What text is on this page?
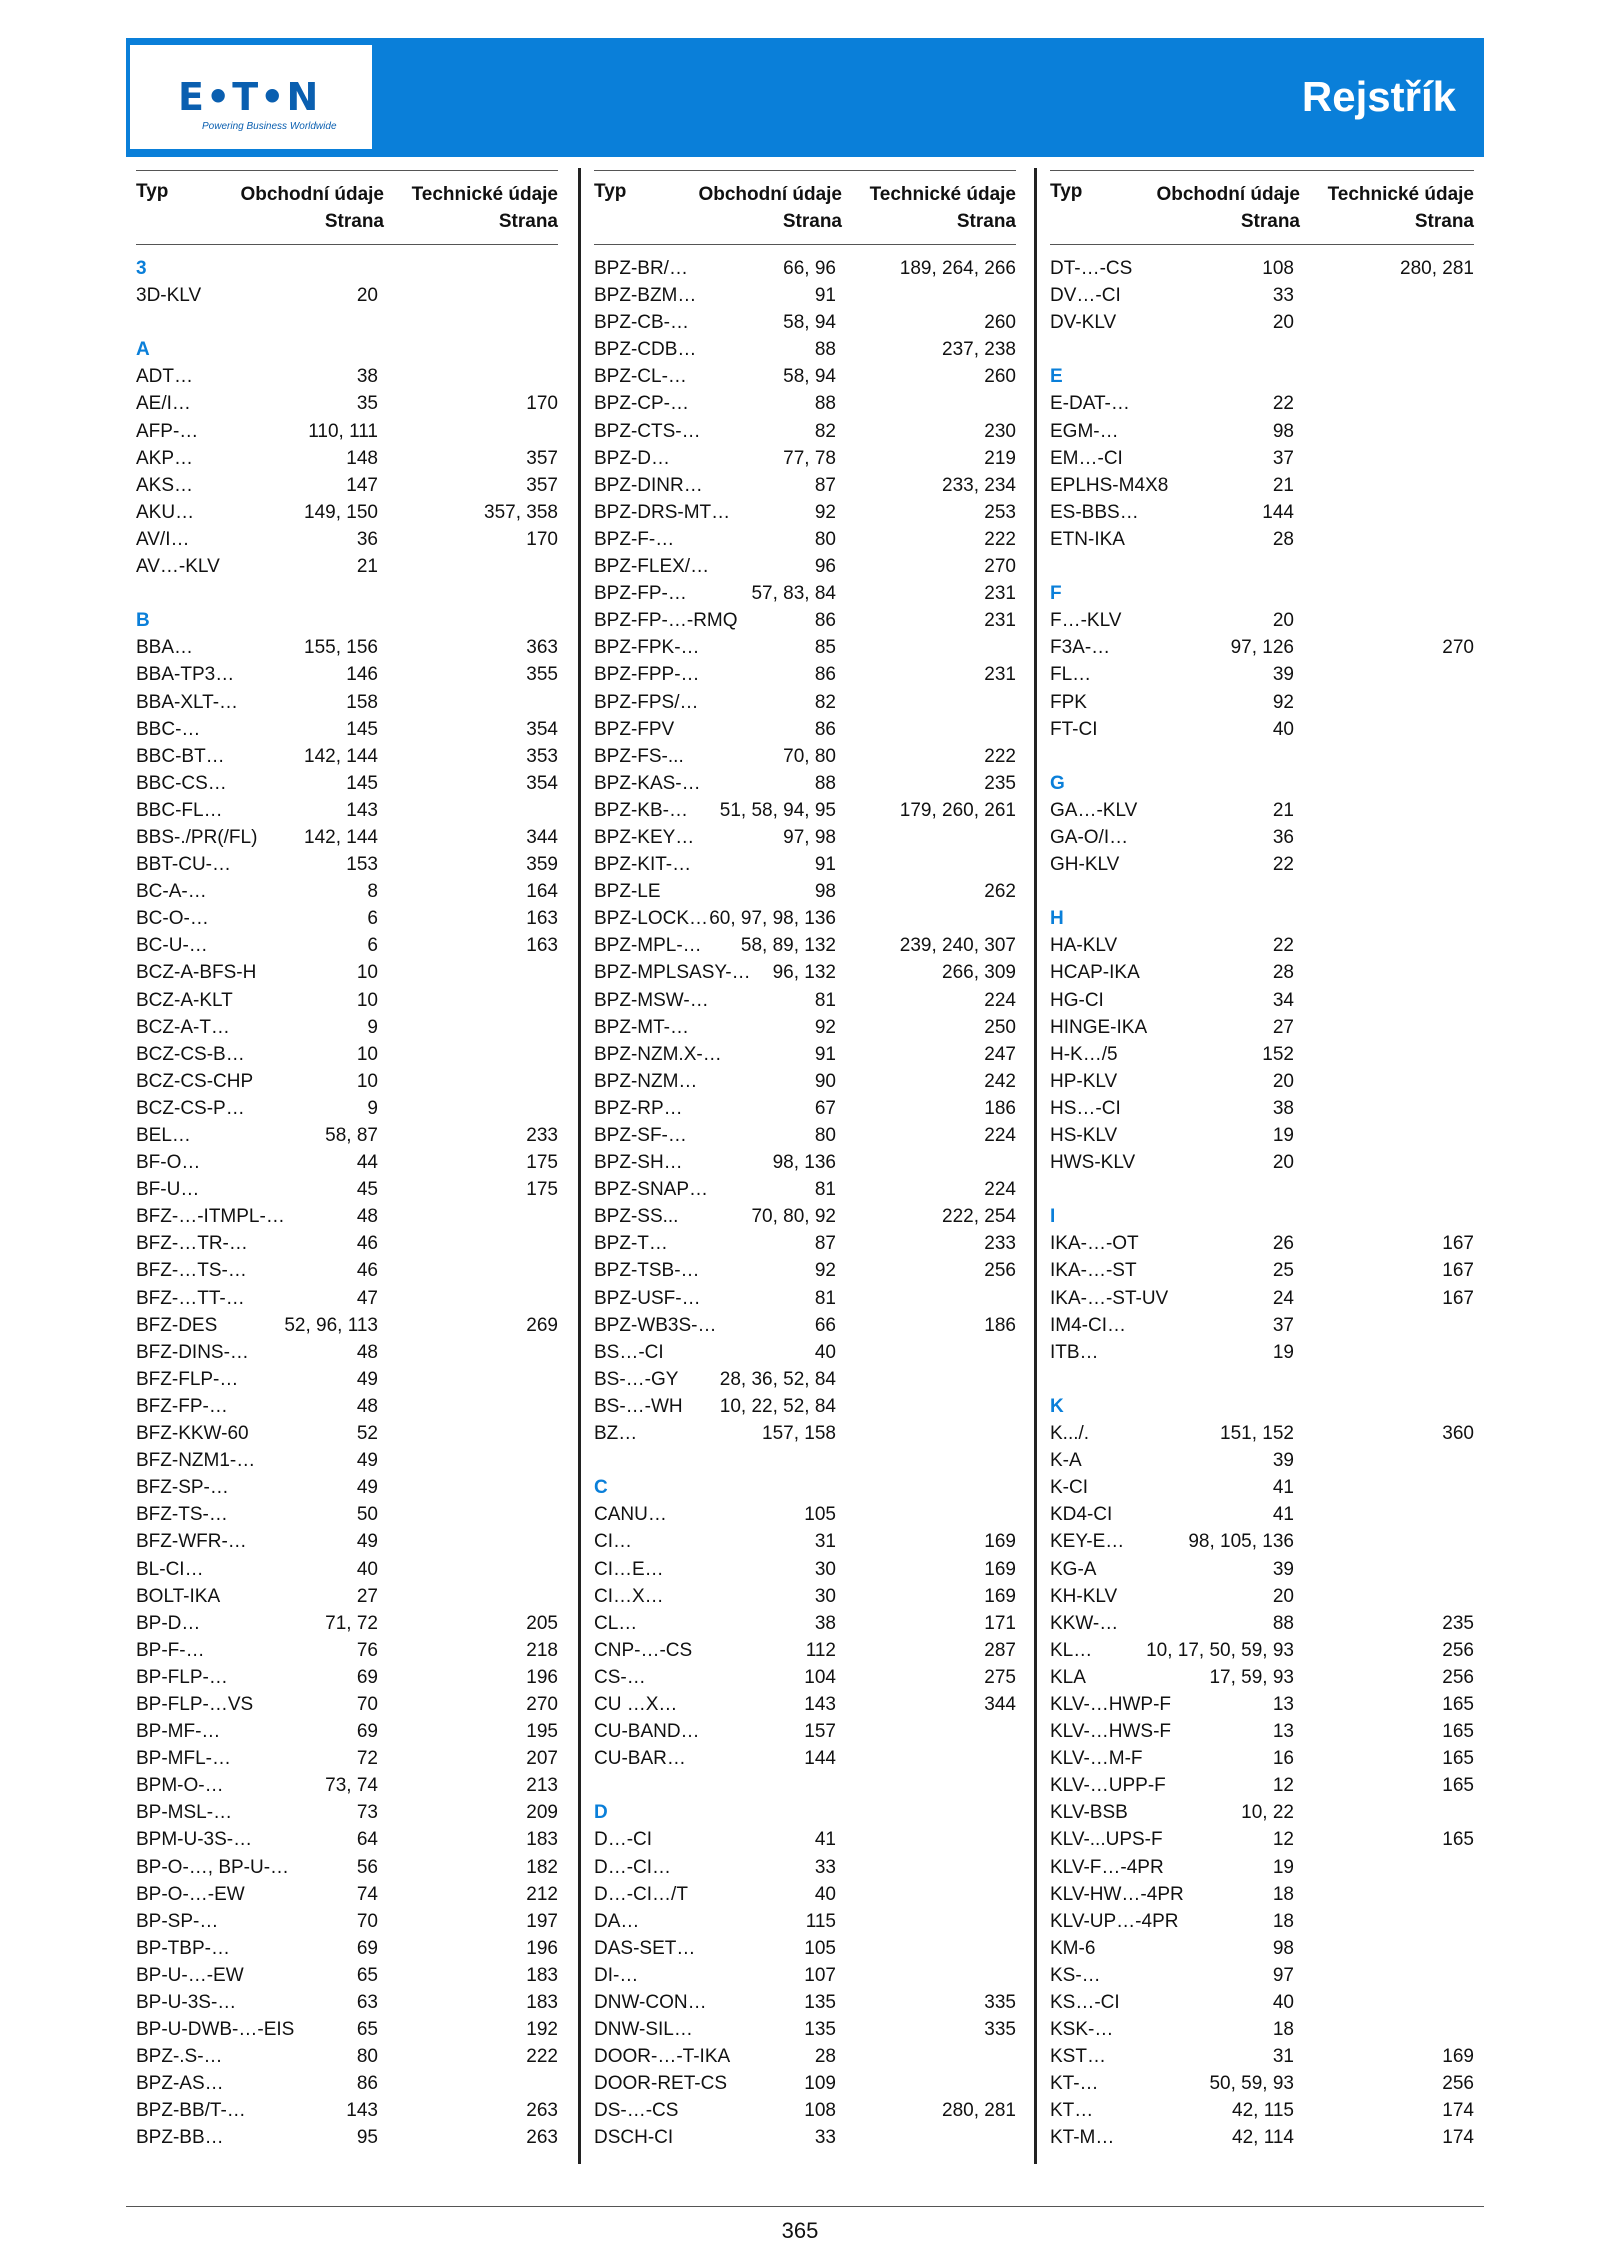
E•T•N
Powering Business Worldwide
Rejstřík
Typ	Obchodní údaje
Strana
Technické údaje
Strana
3
3D-KLV	20
A
ADT…	38
AE/I…	35	170
AFP-…	110, 111
AKP…	148	357
AKS…	147	357
AKU…	149, 150	357, 358
AV/I…	36	170
AV…-KLV	21
B
BBA…	155, 156	363
BBA-TP3…	146	355
BBA-XLT-…	158
BBC-…	145	354
BBC-BT…	142, 144	353
BBC-CS…	145	354
BBC-FL…	143
BBS-./PR(/FL) 142, 144	344
BBT-CU-…	153	359
BC-A-…	8	164
BC-O-…	6	163
BC-U-…	6	163
BCZ-A-BFS-H	10
BCZ-A-KLT	10
BCZ-A-T…	9
BCZ-CS-B…	10
BCZ-CS-CHP	10
BCZ-CS-P…	9
BEL…	58, 87	233
BF-O…	44	175
BF-U…	45	175
BFZ-…-ITMPL-…	48
BFZ-…TR-…	46
BFZ-…TS-…	46
BFZ-…TT-…	47
BFZ-DES	52, 96, 113	269
BFZ-DINS-…	48
BFZ-FLP-…	49
BFZ-FP-…	48
BFZ-KKW-60	52
BFZ-NZM1-…	49
BFZ-SP-…	49
BFZ-TS-…	50
BFZ-WFR-…	49
BL-CI…	40
BOLT-IKA	27
BP-D…	71, 72	205
BP-F-…	76	218
BP-FLP-…	69	196
BP-FLP-…VS	70	270
BP-MF-…	69	195
BP-MFL-…	72	207
BPM-O-…	73, 74	213
BP-MSL-…	73	209
BPM-U-3S-…	64	183
BP-O-…, BP-U-…	56	182
BP-O-…-EW	74	212
BP-SP-…	70	197
BP-TBP-…	69	196
BP-U-…-EW	65	183
BP-U-3S-…	63	183
BP-U-DWB-…-EIS	65	192
BPZ-.S-…	80	222
BPZ-AS…	86
BPZ-BB/T-…	143	263
BPZ-BB…	95	263
Typ	Obchodní údaje
Strana
Technické údaje
Strana
BPZ-BR/…	66, 96	189, 264, 266
BPZ-BZM…	91
BPZ-CB-…	58, 94	260
BPZ-CDB…	88	237, 238
BPZ-CL-…	58, 94	260
BPZ-CP-…	88
BPZ-CTS-…	82	230
BPZ-D…	77, 78	219
BPZ-DINR…	87	233, 234
BPZ-DRS-MT…	92	253
BPZ-F-…	80	222
BPZ-FLEX/…	96	270
BPZ-FP-…	57, 83, 84	231
BPZ-FP-…-RMQ	86	231
BPZ-FPK-…	85
BPZ-FPP-…	86	231
BPZ-FPS/…	82
BPZ-FPV	86
BPZ-FS-...	70, 80	222
BPZ-KAS-…	88	235
BPZ-KB-… 51, 58, 94, 95	179, 260, 261
BPZ-KEY…	97, 98
BPZ-KIT-…	91
BPZ-LE	98	262
BPZ-LOCK… 60, 97, 98, 136
BPZ-MPL-… 58, 89, 132	239, 240, 307
BPZ-MPLSASY-… 96, 132	266, 309
BPZ-MSW-…	81	224
BPZ-MT-…	92	250
BPZ-NZM.X-…	91	247
BPZ-NZM…	90	242
BPZ-RP…	67	186
BPZ-SF-…	80	224
BPZ-SH…	98, 136
BPZ-SNAP…	81	224
BPZ-SS...	70, 80, 92	222, 254
BPZ-T…	87	233
BPZ-TSB-…	92	256
BPZ-USF-…	81
BPZ-WB3S-…	66	186
BS…-CI	40
BS-…-GY 28, 36, 52, 84
BS-…-WH 10, 22, 52, 84
BZ…	157, 158
C
CANU…	105
CI…	31	169
CI…E…	30	169
CI…X…	30	169
CL…	38	171
CNP-…-CS	112	287
CS-…	104	275
CU …X…	143	344
CU-BAND…	157
CU-BAR…	144
D
D…-CI	41
D…-CI…	33
D…-CI…/T	40
DA…	115
DAS-SET…	105
DI-…	107
DNW-CON…	135	335
DNW-SIL…	135	335
DOOR-…-T-IKA	28
DOOR-RET-CS	109
DS-…-CS	108	280, 281
DSCH-CI	33
Typ	Obchodní údaje
Strana
Technické údaje
Strana
DT-…-CS	108	280, 281
DV…-CI	33
DV-KLV	20
E
E-DAT-…	22
EGM-…	98
EM…-CI	37
EPLHS-M4X8	21
ES-BBS…	144
ETN-IKA	28
F
F…-KLV	20
F3A-…	97, 126	270
FL…	39
FPK	92
FT-CI	40
G
GA…-KLV	21
GA-O/I…	36
GH-KLV	22
H
HA-KLV	22
HCAP-IKA	28
HG-CI	34
HINGE-IKA	27
H-K…/5	152
HP-KLV	20
HS…-CI	38
HS-KLV	19
HWS-KLV	20
I
IKA-…-OT	26	167
IKA-…-ST	25	167
IKA-…-ST-UV	24	167
IM4-CI…	37
ITB…	19
K
K.../.	151, 152	360
K-A	39
K-CI	41
KD4-CI	41
KEY-E…	98, 105, 136
KG-A	39
KH-KLV	20
KKW-…	88	235
KL…	10, 17, 50, 59, 93	256
KLA	17, 59, 93	256
KLV-…HWP-F	13	165
KLV-…HWS-F	13	165
KLV-…M-F	16	165
KLV-…UPP-F	12	165
KLV-BSB	10, 22
KLV-...UPS-F	12	165
KLV-F…-4PR	19
KLV-HW…-4PR	18
KLV-UP…-4PR	18
KM-6	98
KS-…	97
KS…-CI	40
KSK-…	18
KST…	31	169
KT-…	50, 59, 93	256
KT…	42, 115	174
KT-M…	42, 114	174
365
